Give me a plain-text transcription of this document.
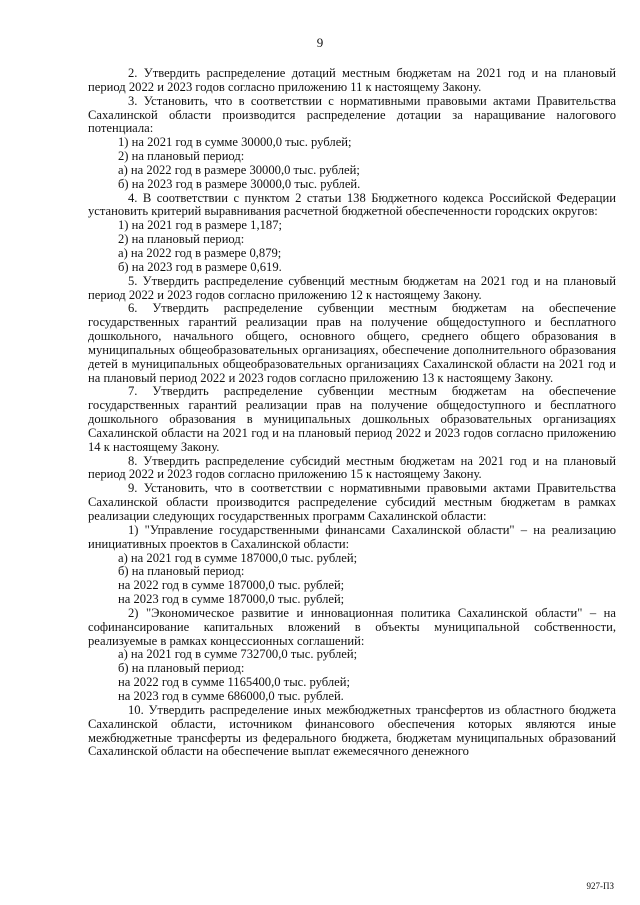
9

2. Утвердить распределение дотаций местным бюджетам на 2021 год и на плановый период 2022 и 2023 годов согласно приложению 11 к настоящему Закону.

3. Установить, что в соответствии с нормативными правовыми актами Правительства Сахалинской области производится распределение дотации за наращивание налогового потенциала:

1) на 2021 год в сумме 30000,0 тыс. рублей;

2) на плановый период:

а) на 2022 год в размере 30000,0 тыс. рублей;

б) на 2023 год в размере 30000,0 тыс. рублей.

4. В соответствии с пунктом 2 статьи 138 Бюджетного кодекса Российской Федерации установить критерий выравнивания расчетной бюджетной обеспеченности городских округов:

1) на 2021 год в размере 1,187;

2) на плановый период:

а) на 2022 год в размере 0,879;

б) на 2023 год в размере 0,619.

5. Утвердить распределение субвенций местным бюджетам на 2021 год и на плановый период 2022 и 2023 годов согласно приложению 12 к настоящему Закону.

6. Утвердить распределение субвенции местным бюджетам на обеспечение государственных гарантий реализации прав на получение общедоступного и бесплатного дошкольного, начального общего, основного общего, среднего общего образования в муниципальных общеобразовательных организациях, обеспечение дополнительного образования детей в муниципальных общеобразовательных организациях Сахалинской области на 2021 год и на плановый период 2022 и 2023 годов согласно приложению 13 к настоящему Закону.

7. Утвердить распределение субвенции местным бюджетам на обеспечение государственных гарантий реализации прав на получение общедоступного и бесплатного дошкольного образования в муниципальных дошкольных образовательных организациях Сахалинской области на 2021 год и на плановый период 2022 и 2023 годов согласно приложению 14 к настоящему Закону.

8. Утвердить распределение субсидий местным бюджетам на 2021 год и на плановый период 2022 и 2023 годов согласно приложению 15 к настоящему Закону.

9. Установить, что в соответствии с нормативными правовыми актами Правительства Сахалинской области производится распределение субсидий местным бюджетам в рамках реализации следующих государственных программ Сахалинской области:

1) "Управление государственными финансами Сахалинской области" – на реализацию инициативных проектов в Сахалинской области:

а) на 2021 год в сумме 187000,0 тыс. рублей;

б) на плановый период:

на 2022 год в сумме 187000,0 тыс. рублей;

на 2023 год в сумме 187000,0 тыс. рублей;

2) "Экономическое развитие и инновационная политика Сахалинской области" – на софинансирование капитальных вложений в объекты муниципальной собственности, реализуемые в рамках концессионных соглашений:

а) на 2021 год в сумме 732700,0 тыс. рублей;

б) на плановый период:

на 2022 год в сумме 1165400,0 тыс. рублей;

на 2023 год в сумме 686000,0 тыс. рублей.

10. Утвердить распределение иных межбюджетных трансфертов из областного бюджета Сахалинской области, источником финансового обеспечения которых являются иные межбюджетные трансферты из федерального бюджета, бюджетам муниципальных образований Сахалинской области на обеспечение выплат ежемесячного денежного

927-ПЗ
